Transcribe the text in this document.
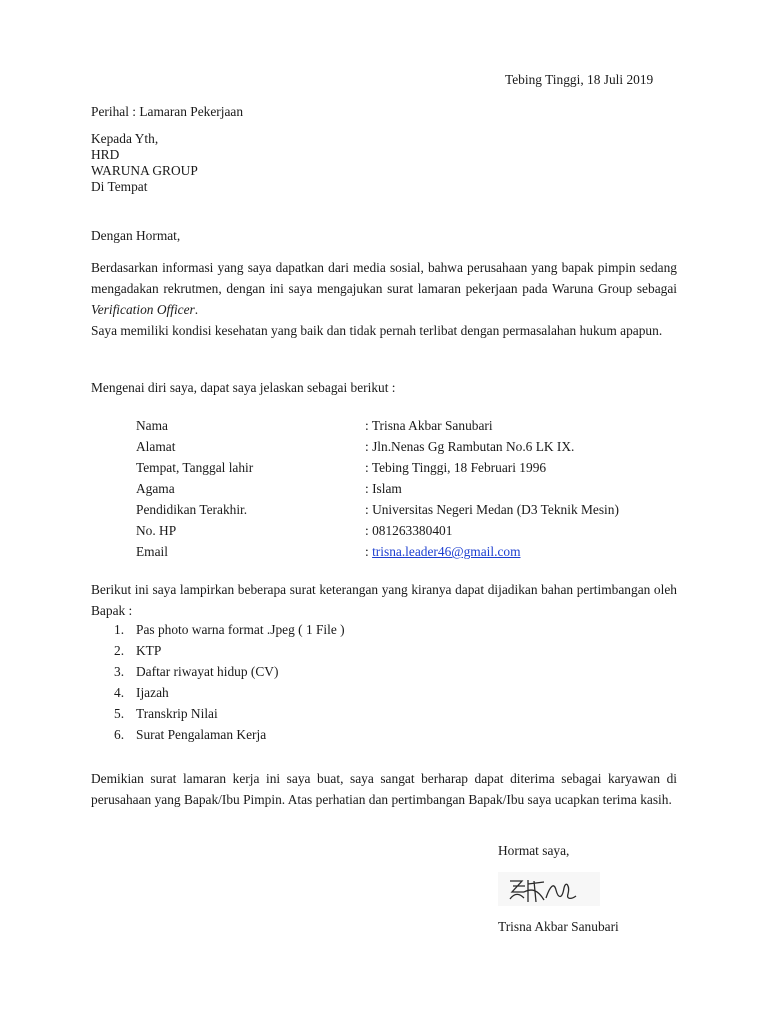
Tebing Tinggi, 18 Juli 2019
Perihal : Lamaran Pekerjaan
Kepada Yth,
HRD
WARUNA GROUP
Di Tempat
Dengan Hormat,
Berdasarkan informasi yang saya dapatkan dari media sosial, bahwa perusahaan yang bapak pimpin sedang mengadakan rekrutmen, dengan ini saya mengajukan surat lamaran pekerjaan pada Waruna Group sebagai Verification Officer.
Saya memiliki kondisi kesehatan yang baik dan tidak pernah terlibat dengan permasalahan hukum apapun.
Mengenai diri saya, dapat saya jelaskan sebagai berikut :
Nama	: Trisna Akbar Sanubari
Alamat	: Jln.Nenas Gg Rambutan No.6 LK IX.
Tempat, Tanggal lahir	: Tebing Tinggi, 18 Februari 1996
Agama	: Islam
Pendidikan Terakhir.	: Universitas Negeri Medan (D3 Teknik Mesin)
No. HP	: 081263380401
Email	: trisna.leader46@gmail.com
Berikut ini saya lampirkan beberapa surat keterangan yang kiranya dapat dijadikan bahan pertimbangan oleh Bapak :
1. Pas photo warna format .Jpeg ( 1 File )
2. KTP
3. Daftar riwayat hidup (CV)
4. Ijazah
5. Transkrip Nilai
6. Surat Pengalaman Kerja
Demikian surat lamaran kerja ini saya buat, saya sangat berharap dapat diterima sebagai karyawan di perusahaan yang Bapak/Ibu Pimpin. Atas perhatian dan pertimbangan Bapak/Ibu saya ucapkan terima kasih.
Hormat saya,
Trisna Akbar Sanubari
